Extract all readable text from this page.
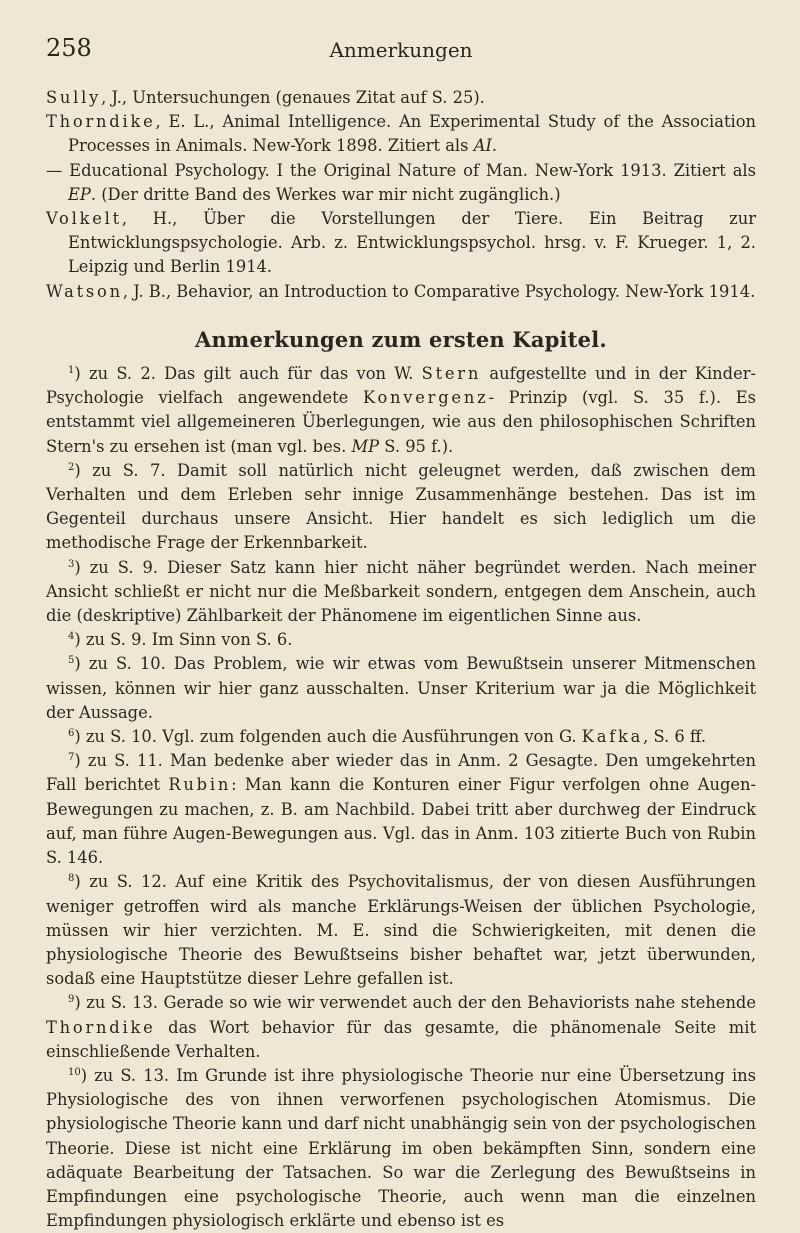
258	Anmerkungen

Sully, J., Untersuchungen (genaues Zitat auf S. 25).

Thorndike, E. L., Animal Intelligence. An Experimental Study of the Association Processes in Animals. New-York 1898. Zitiert als AI.

— Educational Psychology. I the Original Nature of Man. New-York 1913. Zitiert als EP. (Der dritte Band des Werkes war mir nicht zugänglich.)

Volkelt, H., Über die Vorstellungen der Tiere. Ein Beitrag zur Entwicklungspsychologie. Arb. z. Entwicklungspsychol. hrsg. v. F. Krueger. 1, 2. Leipzig und Berlin 1914.

Watson, J. B., Behavior, an Introduction to Comparative Psychology. New-York 1914.

Anmerkungen zum ersten Kapitel.

$^1$) zu S. 2. Das gilt auch für das von W. Stern aufgestellte und in der Kinder-Psychologie vielfach angewendete Konvergenz- Prinzip (vgl. S. 35 f.). Es entstammt viel allgemeineren Überlegungen, wie aus den philosophischen Schriften Stern's zu ersehen ist (man vgl. bes. MP S. 95 f.).

$^2$) zu S. 7. Damit soll natürlich nicht geleugnet werden, daß zwischen dem Verhalten und dem Erleben sehr innige Zusammenhänge bestehen. Das ist im Gegenteil durchaus unsere Ansicht. Hier handelt es sich lediglich um die methodische Frage der Erkennbarkeit.

$^3$) zu S. 9. Dieser Satz kann hier nicht näher begründet werden. Nach meiner Ansicht schließt er nicht nur die Meßbarkeit sondern, entgegen dem Anschein, auch die (deskriptive) Zählbarkeit der Phänomene im eigentlichen Sinne aus.

$^4$) zu S. 9. Im Sinn von S. 6.

$^5$) zu S. 10. Das Problem, wie wir etwas vom Bewußtsein unserer Mitmenschen wissen, können wir hier ganz ausschalten. Unser Kriterium war ja die Möglichkeit der Aussage.

$^6$) zu S. 10. Vgl. zum folgenden auch die Ausführungen von G. Kafka, S. 6 ff.

$^7$) zu S. 11. Man bedenke aber wieder das in Anm. 2 Gesagte. Den umgekehrten Fall berichtet Rubin: Man kann die Konturen einer Figur verfolgen ohne Augen-Bewegungen zu machen, z. B. am Nachbild. Dabei tritt aber durchweg der Eindruck auf, man führe Augen-Bewegungen aus. Vgl. das in Anm. 103 zitierte Buch von Rubin S. 146.

$^8$) zu S. 12. Auf eine Kritik des Psychovitalismus, der von diesen Ausführungen weniger getroffen wird als manche Erklärungs-Weisen der üblichen Psychologie, müssen wir hier verzichten. M. E. sind die Schwierigkeiten, mit denen die physiologische Theorie des Bewußtseins bisher behaftet war, jetzt überwunden, sodaß eine Hauptstütze dieser Lehre gefallen ist.

$^9$) zu S. 13. Gerade so wie wir verwendet auch der den Behaviorists nahe stehende Thorndike das Wort behavior für das gesamte, die phänomenale Seite mit einschließende Verhalten.

$^{10}$) zu S. 13. Im Grunde ist ihre physiologische Theorie nur eine Übersetzung ins Physiologische des von ihnen verworfenen psychologischen Atomismus. Die physiologische Theorie kann und darf nicht unabhängig sein von der psychologischen Theorie. Diese ist nicht eine Erklärung im oben bekämpften Sinn, sondern eine adäquate Bearbeitung der Tatsachen. So war die Zerlegung des Bewußtseins in Empfindungen eine psychologische Theorie, auch wenn man die einzelnen Empfindungen physiologisch erklärte und ebenso ist es
